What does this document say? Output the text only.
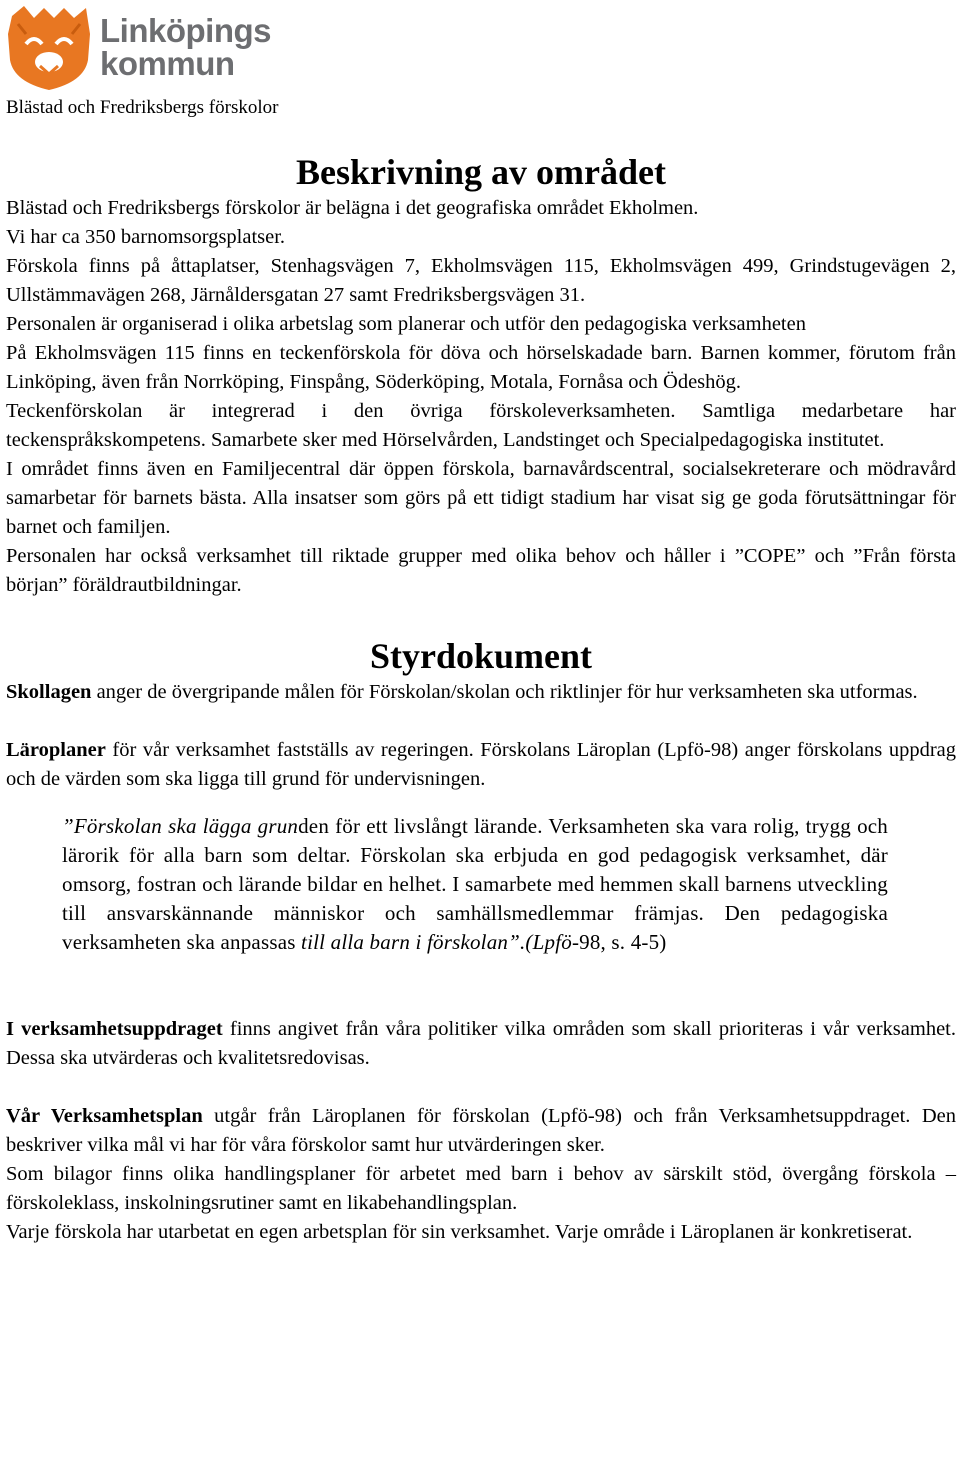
Linköpings
kommun
Blästad och Fredriksbergs förskolor
Beskrivning av området

Blästad och Fredriksbergs förskolor är belägna i det geografiska området Ekholmen.

Vi har ca 350 barnomsorgsplatser.

Förskola finns på åttaplatser, Stenhagsvägen 7, Ekholmsvägen 115, Ekholmsvägen 499, Grindstugevägen 2, Ullstämmavägen 268, Järnåldersgatan 27 samt Fredriksbergsvägen 31.

Personalen är organiserad i olika arbetslag som planerar och utför den pedagogiska verksamheten

På Ekholmsvägen 115 finns en teckenförskola för döva och hörselskadade barn. Barnen kommer, förutom från Linköping, även från Norrköping, Finspång, Söderköping, Motala, Fornåsa och Ödeshög.

Teckenförskolan är integrerad i den övriga förskoleverksamheten. Samtliga medarbetare har teckenspråkskompetens. Samarbete sker med Hörselvården, Landstinget och Specialpedagogiska institutet.

I området finns även en Familjecentral där öppen förskola, barnavårdscentral, socialsekreterare och mödravård samarbetar för barnets bästa. Alla insatser som görs på ett tidigt stadium har visat sig ge goda förutsättningar för barnet och familjen.

Personalen har också verksamhet till riktade grupper med olika behov och håller i ”COPE” och ”Från första början” föräldrautbildningar.

Styrdokument

Skollagen anger de övergripande målen för Förskolan/skolan och riktlinjer för hur verksamheten ska utformas.

Läroplaner för vår verksamhet fastställs av regeringen. Förskolans Läroplan (Lpfö-98) anger förskolans uppdrag och de värden som ska ligga till grund för undervisningen.

”Förskolan ska lägga grunden för ett livslångt lärande. Verksamheten ska vara rolig, trygg och lärorik för alla barn som deltar. Förskolan ska erbjuda en god pedagogisk verksamhet, där omsorg, fostran och lärande bildar en helhet. I samarbete med hemmen skall barnens utveckling till ansvarskännande människor och samhällsmedlemmar främjas. Den pedagogiska verksamheten ska anpassas till alla barn i förskolan”.(Lpfö-98, s. 4-5)

I verksamhetsuppdraget finns angivet från våra politiker vilka områden som skall prioriteras i vår verksamhet. Dessa ska utvärderas och kvalitetsredovisas.

Vår Verksamhetsplan utgår från Läroplanen för förskolan (Lpfö-98) och från Verksamhetsuppdraget. Den beskriver vilka mål vi har för våra förskolor samt hur utvärderingen sker.

Som bilagor finns olika handlingsplaner för arbetet med barn i behov av särskilt stöd, övergång förskola – förskoleklass, inskolningsrutiner samt en likabehandlingsplan.

Varje förskola har utarbetat en egen arbetsplan för sin verksamhet. Varje område i Läroplanen är konkretiserat.
